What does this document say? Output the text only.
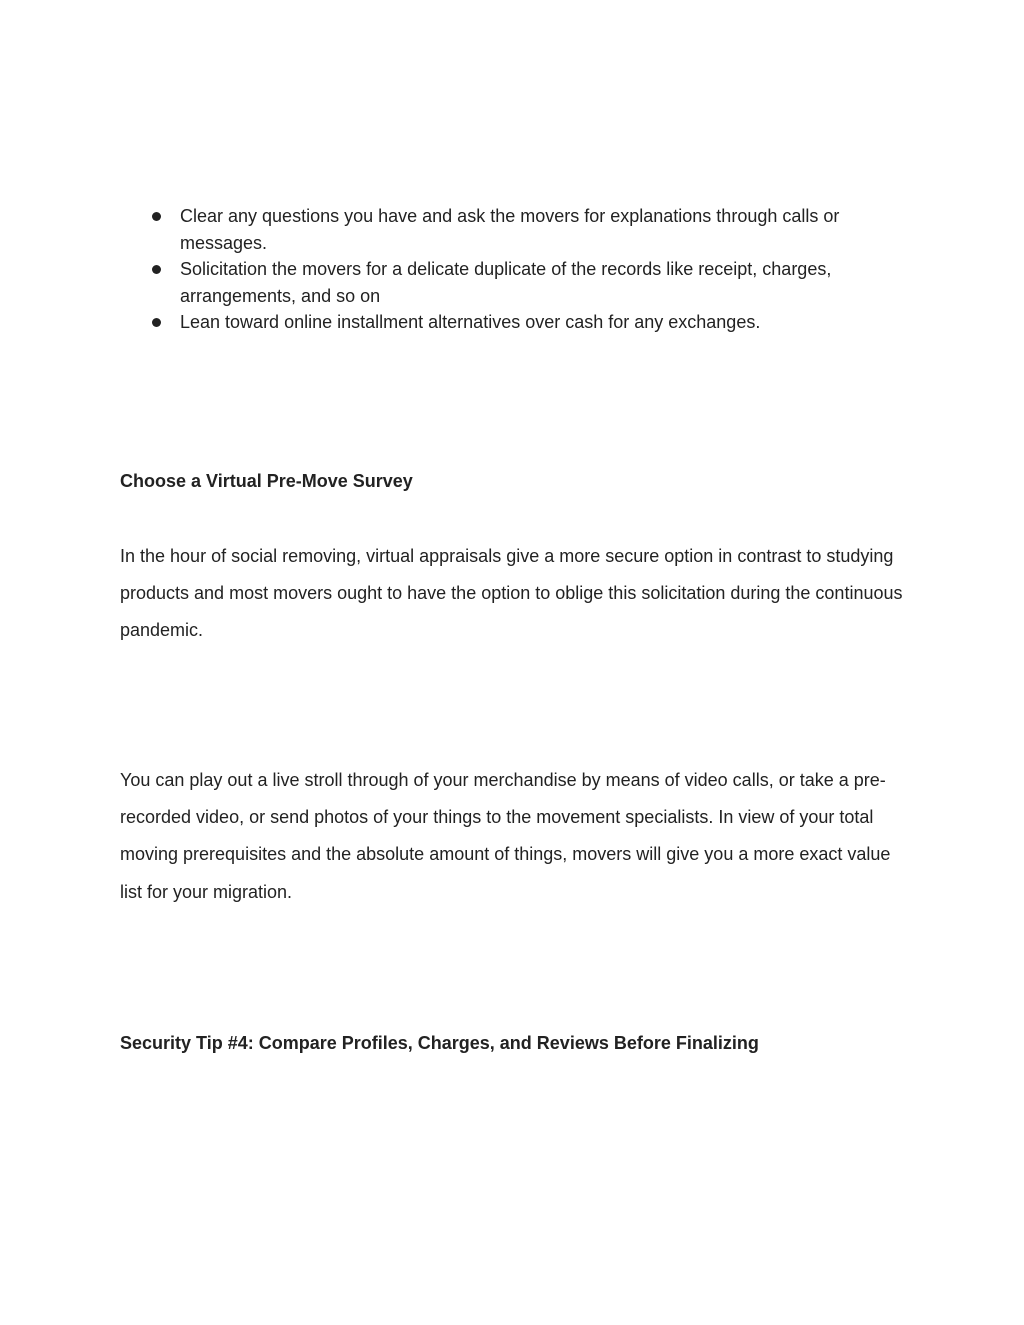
Clear any questions you have and ask the movers for explanations through calls or messages.
Solicitation the movers for a delicate duplicate of the records like receipt, charges, arrangements, and so on
Lean toward online installment alternatives over cash for any exchanges.
Choose a Virtual Pre-Move Survey

In the hour of social removing, virtual appraisals give a more secure option in contrast to studying products and most movers ought to have the option to oblige this solicitation during the continuous pandemic.

You can play out a live stroll through of your merchandise by means of video calls, or take a pre-recorded video, or send photos of your things to the movement specialists. In view of your total moving prerequisites and the absolute amount of things, movers will give you a more exact value list for your migration.

Security Tip #4: Compare Profiles, Charges, and Reviews Before Finalizing
